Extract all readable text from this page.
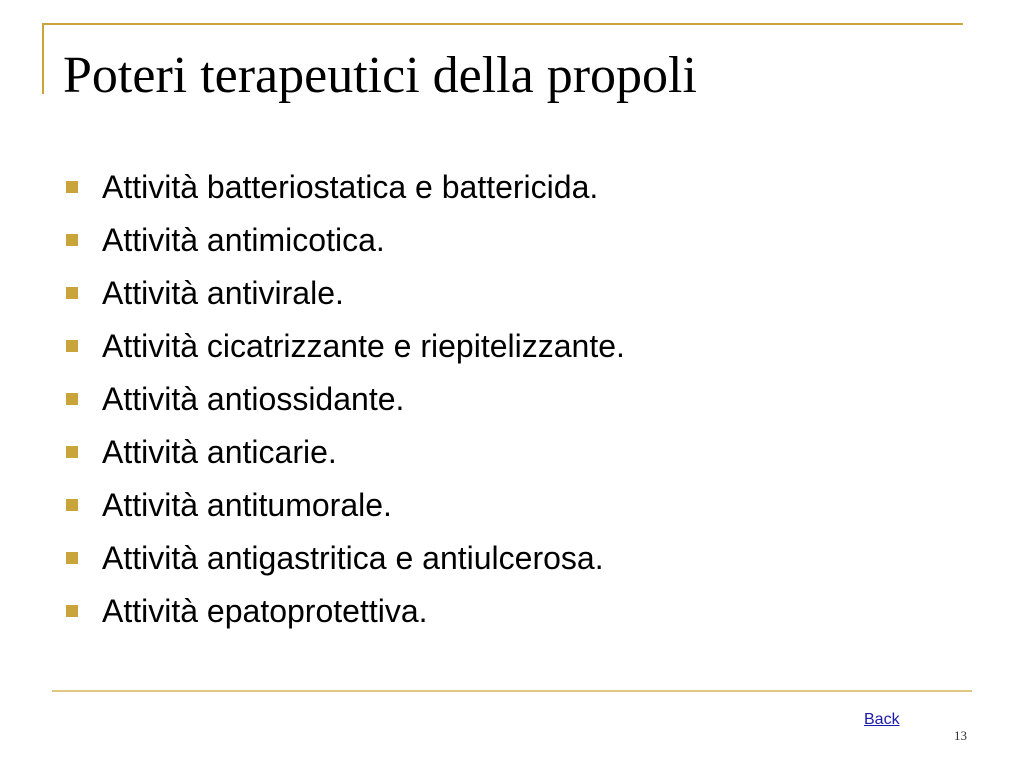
Poteri terapeutici della propoli
Attività batteriostatica e battericida.
Attività antimicotica.
Attività antivirale.
Attività cicatrizzante e riepitelizzante.
Attività antiossidante.
Attività anticarie.
Attività antitumorale.
Attività antigastritica e antiulcerosa.
Attività epatoprotettiva.
Back
13
